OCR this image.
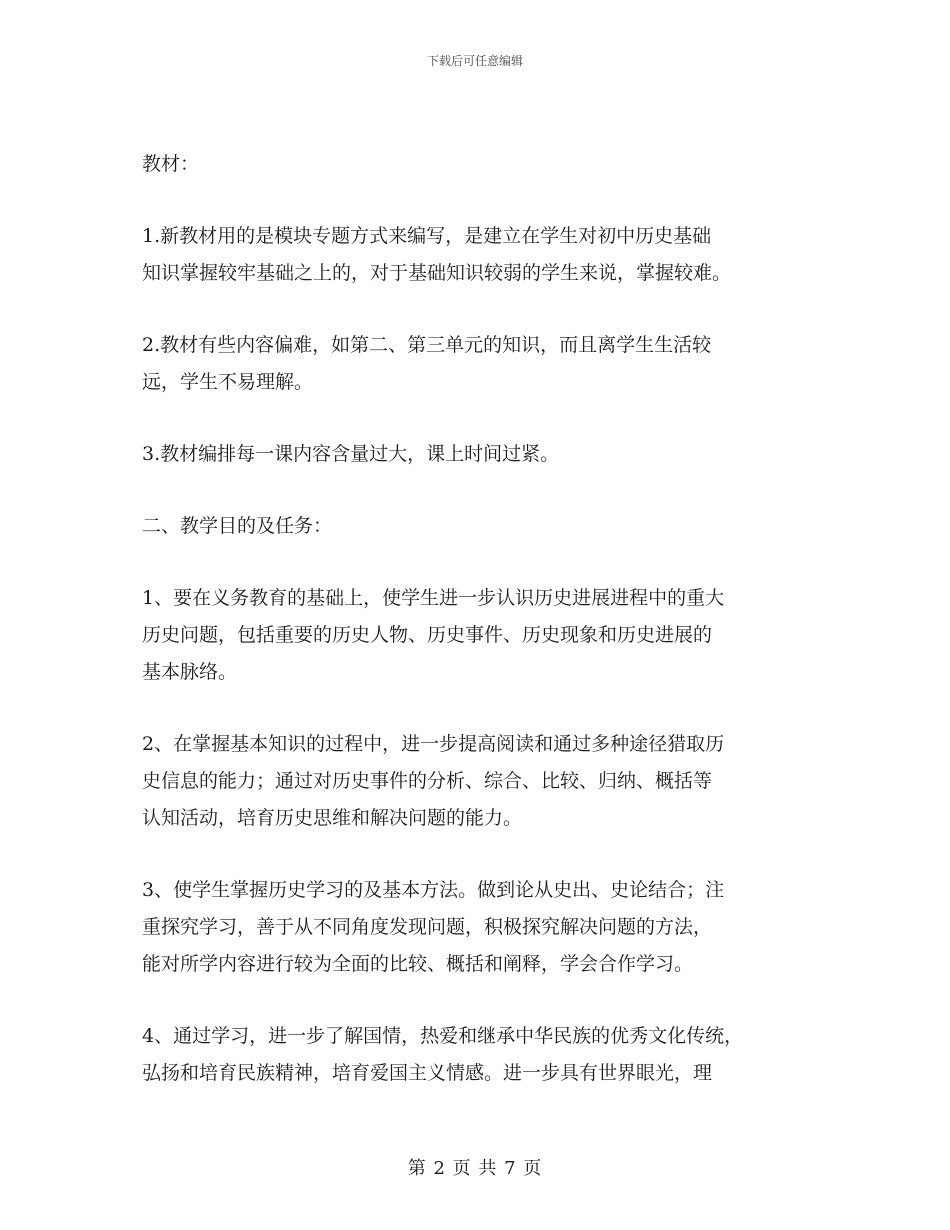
下载后可任意编辑
教材：
1.新教材用的是模块专题方式来编写，是建立在学生对初中历史基础
知识掌握较牢基础之上的，对于基础知识较弱的学生来说，掌握较难。
2.教材有些内容偏难，如第二、第三单元的知识，而且离学生生活较
远，学生不易理解。
3.教材编排每一课内容含量过大，课上时间过紧。
二、教学目的及任务：
1、要在义务教育的基础上，使学生进一步认识历史进展进程中的重大
历史问题，包括重要的历史人物、历史事件、历史现象和历史进展的
基本脉络。
2、在掌握基本知识的过程中，进一步提高阅读和通过多种途径猎取历
史信息的能力；通过对历史事件的分析、综合、比较、归纳、概括等
认知活动，培育历史思维和解决问题的能力。
3、使学生掌握历史学习的及基本方法。做到论从史出、史论结合；注
重探究学习，善于从不同角度发现问题，积极探究解决问题的方法，
能对所学内容进行较为全面的比较、概括和阐释，学会合作学习。
4、通过学习，进一步了解国情，热爱和继承中华民族的优秀文化传统，
弘扬和培育民族精神，培育爱国主义情感。进一步具有世界眼光，理
第 2 页 共 7 页
